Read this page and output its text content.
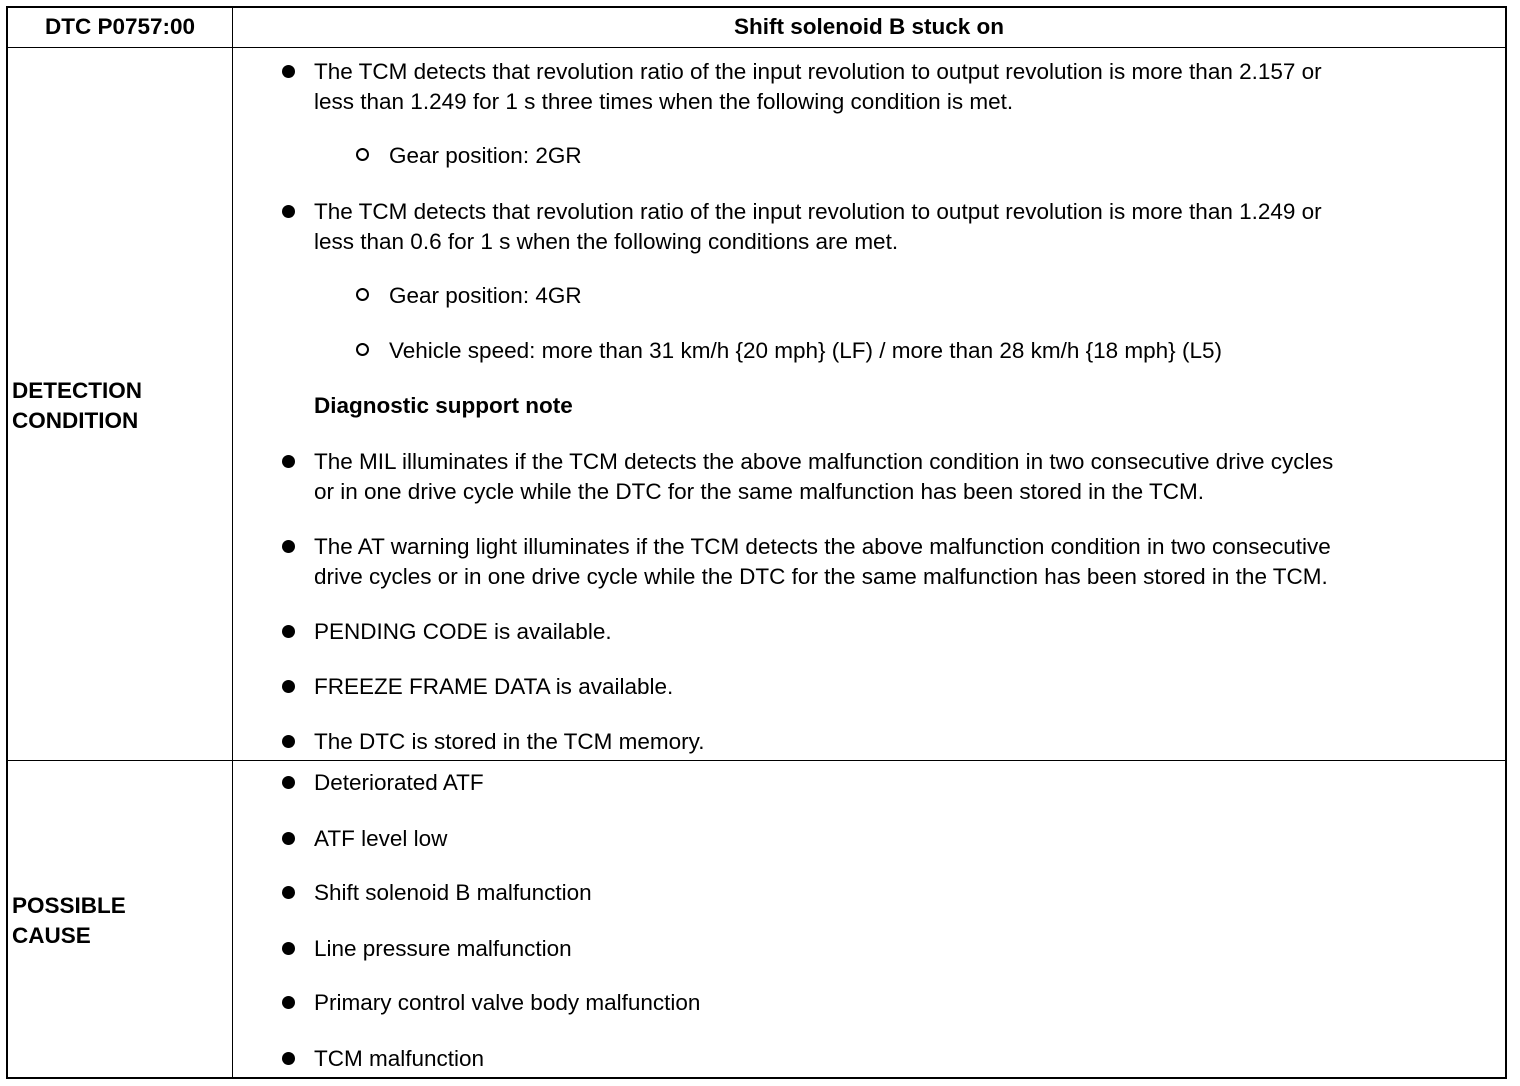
DTC P0757:00	Shift solenoid B stuck on
DETECTION
CONDITION
The TCM detects that revolution ratio of the input revolution to output revolution is more than 2.157 or
less than 1.249 for 1 s three times when the following condition is met.
Gear position: 2GR
The TCM detects that revolution ratio of the input revolution to output revolution is more than 1.249 or
less than 0.6 for 1 s when the following conditions are met.
Gear position: 4GR
Vehicle speed: more than 31 km/h {20 mph} (LF) / more than 28 km/h {18 mph} (L5)
Diagnostic support note
The MIL illuminates if the TCM detects the above malfunction condition in two consecutive drive cycles
or in one drive cycle while the DTC for the same malfunction has been stored in the TCM.
The AT warning light illuminates if the TCM detects the above malfunction condition in two consecutive
drive cycles or in one drive cycle while the DTC for the same malfunction has been stored in the TCM.
PENDING CODE is available.
FREEZE FRAME DATA is available.
The DTC is stored in the TCM memory.
POSSIBLE
CAUSE
Deteriorated ATF
ATF level low
Shift solenoid B malfunction
Line pressure malfunction
Primary control valve body malfunction
TCM malfunction
